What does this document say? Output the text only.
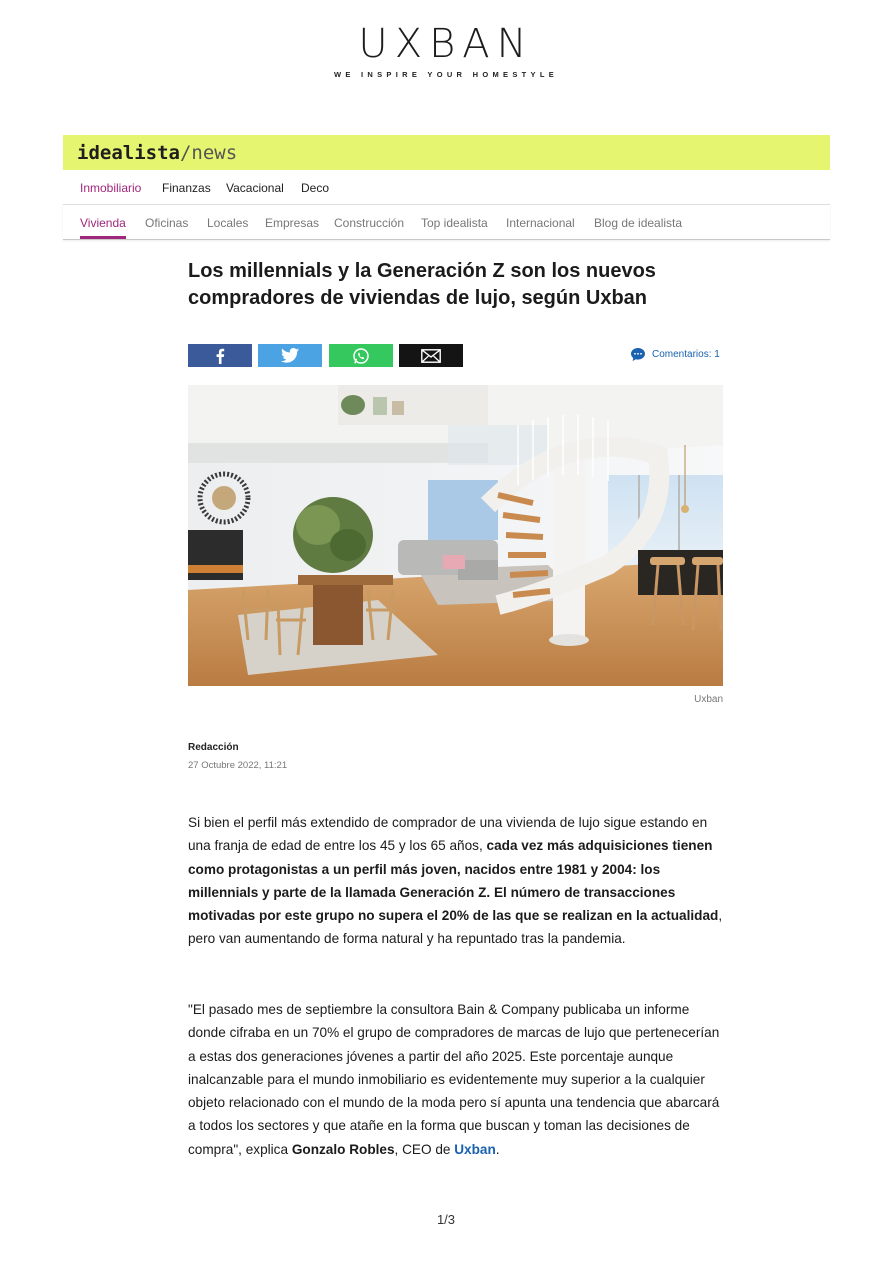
UXBAN
WE INSPIRE YOUR HOMESTYLE
idealista/news
Inmobiliario Finanzas Vacacional Deco
Vivienda Oficinas Locales Empresas Construcción Top idealista Internacional Blog de idealista
Los millennials y la Generación Z son los nuevos compradores de viviendas de lujo, según Uxban
Comentarios: 1
Uxban
Redacción
27 Octubre 2022, 11:21

Si bien el perfil más extendido de comprador de una vivienda de lujo sigue estando en una franja de edad de entre los 45 y los 65 años, cada vez más adquisiciones tienen como protagonistas a un perfil más joven, nacidos entre 1981 y 2004: los millennials y parte de la llamada Generación Z. El número de transacciones motivadas por este grupo no supera el 20% de las que se realizan en la actualidad, pero van aumentando de forma natural y ha repuntado tras la pandemia.

"El pasado mes de septiembre la consultora Bain & Company publicaba un informe donde cifraba en un 70% el grupo de compradores de marcas de lujo que pertenecerían a estas dos generaciones jóvenes a partir del año 2025. Este porcentaje aunque inalcanzable para el mundo inmobiliario es evidentemente muy superior a la cualquier objeto relacionado con el mundo de la moda pero sí apunta una tendencia que abarcará a todos los sectores y que atañe en la forma que buscan y toman las decisiones de compra", explica Gonzalo Robles, CEO de Uxban.

1/3
